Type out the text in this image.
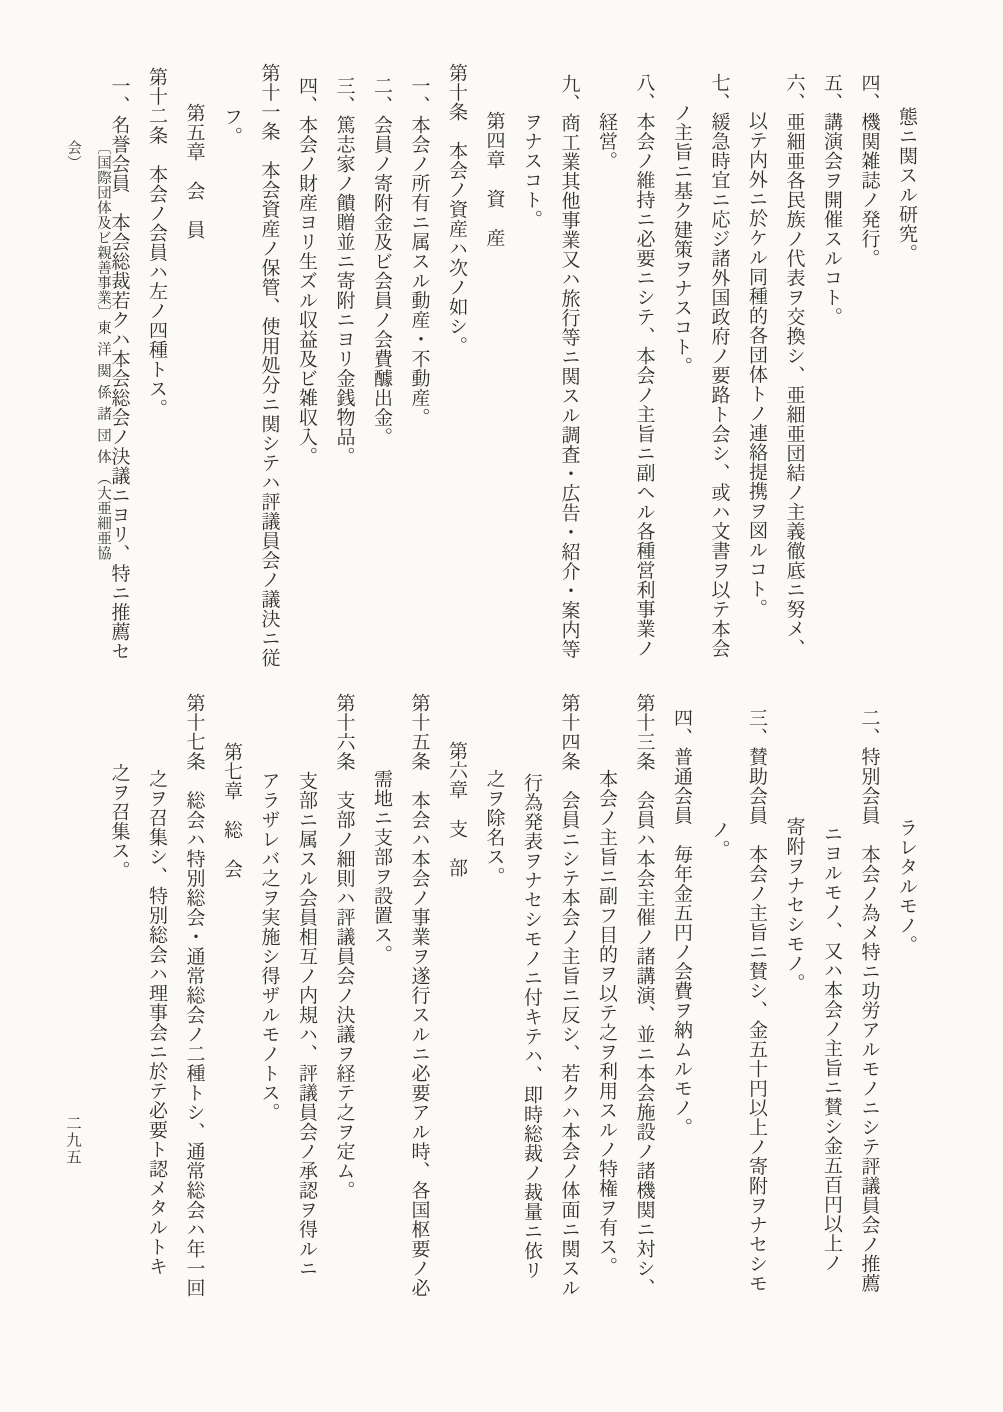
態ニ関スル研究。

四、機関雑誌ノ発行。

五、講演会ヲ開催スルコト。

六、亜細亜各民族ノ代表ヲ交換シ、亜細亜団結ノ主義徹底ニ努メ、

以テ内外ニ於ケル同種的各団体トノ連絡提携ヲ図ルコト。

七、緩急時宜ニ応ジ諸外国政府ノ要路ト会シ、或ハ文書ヲ以テ本会

ノ主旨ニ基ク建策ヲナスコト。

八、本会ノ維持ニ必要ニシテ、本会ノ主旨ニ副ヘル各種営利事業ノ

経営。

九、商工業其他事業又ハ旅行等ニ関スル調査・広告・紹介・案内等

ヲナスコト。

第四章　資　産

第十条　本会ノ資産ハ次ノ如シ。

一、本会ノ所有ニ属スル動産・不動産。

二、会員ノ寄附金及ビ会員ノ会費醵出金。

三、篤志家ノ饋贈並ニ寄附ニヨリ金銭物品。

四、本会ノ財産ヨリ生ズル収益及ビ雑収入。

第十一条　本会資産ノ保管、使用処分ニ関シテハ評議員会ノ議決ニ従

フ。

第五章　会　員

第十二条　本会ノ会員ハ左ノ四種トス。

一、名誉会員　本会総裁若クハ本会総会ノ決議ニヨリ、特ニ推薦セ

ラレタルモノ。

二、特別会員　本会ノ為メ特ニ功労アルモノニシテ評議員会ノ推薦

ニヨルモノ、又ハ本会ノ主旨ニ賛シ金五百円以上ノ

寄附ヲナセシモノ。

三、賛助会員　本会ノ主旨ニ賛シ、金五十円以上ノ寄附ヲナセシモ

ノ。

四、普通会員　毎年金五円ノ会費ヲ納ムルモノ。

第十三条　会員ハ本会主催ノ諸講演、並ニ本会施設ノ諸機関ニ対シ、

本会ノ主旨ニ副フ目的ヲ以テ之ヲ利用スルノ特権ヲ有ス。

第十四条　会員ニシテ本会ノ主旨ニ反シ、若クハ本会ノ体面ニ関スル

行為発表ヲナセシモノニ付キテハ、即時総裁ノ裁量ニ依リ

之ヲ除名ス。

第六章　支　部

第十五条　本会ハ本会ノ事業ヲ遂行スルニ必要アル時、各国枢要ノ必

需地ニ支部ヲ設置ス。

第十六条　支部ノ細則ハ評議員会ノ決議ヲ経テ之ヲ定ム。

支部ニ属スル会員相互ノ内規ハ、評議員会ノ承認ヲ得ルニ

アラザレバ之ヲ実施シ得ザルモノトス。

第七章　総　会

第十七条　総会ハ特別総会・通常総会ノ二種トシ、通常総会ハ年一回

之ヲ召集シ、特別総会ハ理事会ニ於テ必要ト認メタルトキ

之ヲ召集ス。

〔国際団体及ビ親善事業〕東洋関係諸団体（大亜細亜協会）
二九五
